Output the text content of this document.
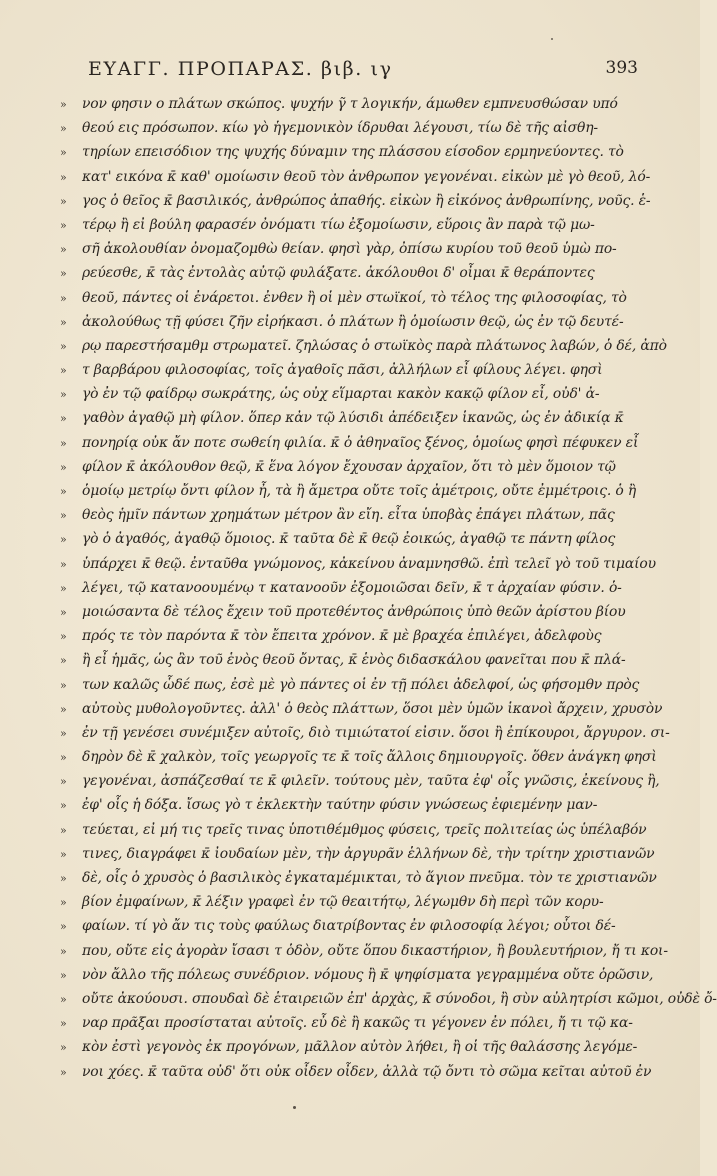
ΕΥΑΓΓ. ΠΡΟΠΑΡΑΣ. βιβ. ιγ	393
» νον φησιν ο πλάτων σκώπος. ψυχήν γ̃ τ λογικήν, άμωθεν εμπνευσθώσαν υπό
» θεού εις πρόσωπον. κίω γὸ ἡγεμονικὸν ίδρυθαι λέγουσι, τίω δὲ τῆς αἰσθη-
» τηρίων επεισόδιον της ψυχής δύναμιν της πλάσσου είσοδον ερμηνεύοντες. τὸ
» κατ' εικόνα κ̄ καθ' ομοίωσιν θεοῦ τὸν ἀνθρωπον γεγονέναι. εἰκὼν μὲ γὸ θεοῦ, λό-
» γος ὁ θεῖος κ̄ βασιλικός, ἀνθρώπος ἀπαθής. εἰκὼν ἢ εἰκόνος ἀνθρωπίνης, νοῦς. ἑ-
» τέρῳ ἢ εἰ βούλη φαρασέν ὀνόματι τίω ἐξομοίωσιν, εὕροις ἂν παρὰ τῷ μω-
» σῆ ἀκολουθίαν ὀνομαζομθὼ θείαν. φησὶ γὰρ, ὀπίσω κυρίου τοῦ θεοῦ ὑμὼ πο-
» ρεύεσθε, κ̄ τὰς ἐντολὰς αὐτῷ φυλάξατε. ἀκόλουθοι δ' οἶμαι κ̄ θεράποντες
» θεοῦ, πάντες οἱ ἐνάρετοι. ἐνθεν ἢ οἱ μὲν στωϊκοί, τὸ τέλος της φιλοσοφίας, τὸ
» ἀκολούθως τῇ φύσει ζῆν εἰρήκασι. ὁ πλάτων ἢ ὁμοίωσιν θεῷ, ὡς ἐν τῷ δευτέ-
» ρῳ παρεστήσαμθμ στρωματεῖ. ζηλώσας ὁ στωϊκὸς παρὰ πλάτωνος λαβών, ὁ δέ, ἀπὸ
» τ βαρβάρου φιλοσοφίας, τοῖς ἀγαθοῖς πᾶσι, ἀλλήλων εἶ φίλους λέγει. φησὶ
» γὸ ἐν τῷ φαίδρῳ σωκράτης, ὡς οὐχ εἵμαρται κακὸν κακῷ φίλον εἶ, οὐδ' ἀ-
» γαθὸν ἀγαθῷ μὴ φίλον. ὅπερ κἀν τῷ λύσιδι ἀπέδειξεν ἱκανῶς, ὡς ἐν ἀδικίᾳ κ̄
» πονηρίᾳ οὐκ ἄν ποτε σωθείη φιλία. κ̄ ὁ ἀθηναῖος ξένος, ὁμοίως φησὶ πέφυκεν εἶ
» φίλον κ̄ ἀκόλουθον θεῷ, κ̄ ἕνα λόγον ἔχουσαν ἀρχαῖον, ὅτι τὸ μὲν ὅμοιον τῷ
» ὁμοίῳ μετρίῳ ὄντι φίλον ἦ, τὰ ἢ ἄμετρα οὔτε τοῖς ἀμέτροις, οὔτε ἐμμέτροις. ὁ ἢ
» θεὸς ἡμῖν πάντων χρημάτων μέτρον ἂν εἴη. εἶτα ὑποβὰς ἐπάγει πλάτων, πᾶς
» γὸ ὁ ἀγαθός, ἀγαθῷ ὅμοιος. κ̄ ταῦτα δὲ κ̄ θεῷ ἐοικώς, ἀγαθῷ τε πάντη φίλος
» ὑπάρχει κ̄ θεῷ. ἐνταῦθα γνώμονος, κἀκείνου ἀναμνησθῶ. ἐπὶ τελεῖ γὸ τοῦ τιμαίου
» λέγει, τῷ κατανοουμένῳ τ κατανοοῦν ἐξομοιῶσαι δεῖν, κ̄ τ ἀρχαίαν φύσιν. ὁ-
» μοιώσαντα δὲ τέλος ἔχειν τοῦ προτεθέντος ἀνθρώποις ὑπὸ θεῶν ἀρίστου βίου
» πρός τε τὸν παρόντα κ̄ τὸν ἔπειτα χρόνον. κ̄ μὲ βραχέα ἐπιλέγει, ἀδελφοὺς
» ἢ εἶ ἡμᾶς, ὡς ἂν τοῦ ἑνὸς θεοῦ ὄντας, κ̄ ἑνὸς διδασκάλου φανεῖται που κ̄ πλά-
» των καλῶς ὧδέ πως, ἐσὲ μὲ γὸ πάντες οἱ ἐν τῇ πόλει ἀδελφοί, ὡς φήσομθν πρὸς
» αὐτοὺς μυθολογοῦντες. ἀλλ' ὁ θεὸς πλάττων, ὅσοι μὲν ὑμῶν ἱκανοὶ ἄρχειν, χρυσὸν
» ἐν τῇ γενέσει συνέμιξεν αὐτοῖς, διὸ τιμιώτατοί εἰσιν. ὅσοι ἢ ἐπίκουροι, ἄργυρον. σι-
» δηρὸν δὲ κ̄ χαλκὸν, τοῖς γεωργοῖς τε κ̄ τοῖς ἄλλοις δημιουργοῖς. ὅθεν ἀνάγκη φησὶ
» γεγονέναι, ἀσπάζεσθαί τε κ̄ φιλεῖν. τούτους μὲν, ταῦτα ἐφ' οἷς γνῶσις, ἐκείνους ἢ,
» ἐφ' οἷς ἡ δόξα. ἴσως γὸ τ ἐκλεκτὴν ταύτην φύσιν γνώσεως ἐφιεμένην μαν-
» τεύεται, εἰ μή τις τρεῖς τινας ὑποτιθέμθμος φύσεις, τρεῖς πολιτείας ὡς ὑπέλαβόν
» τινες, διαγράφει κ̄ ἰουδαίων μὲν, τὴν ἀργυρᾶν ἑλλήνων δὲ, τὴν τρίτην χριστιανῶν
» δὲ, οἷς ὁ χρυσὸς ὁ βασιλικὸς ἐγκαταμέμικται, τὸ ἅγιον πνεῦμα. τὸν τε χριστιανῶν
» βίον ἐμφαίνων, κ̄ λέξιν γραφεὶ ἐν τῷ θεαιτήτῳ, λέγωμθν δὴ περὶ τῶν κορυ-
» φαίων. τί γὸ ἄν τις τοὺς φαύλως διατρίβοντας ἐν φιλοσοφίᾳ λέγοι; οὗτοι δέ-
» που, οὔτε εἰς ἀγορὰν ἴσασι τ ὁδὸν, οὔτε ὅπου δικαστήριον, ἢ βουλευτήριον, ἤ τι κοι-
» νὸν ἄλλο τῆς πόλεως συνέδριον. νόμους ἢ κ̄ ψηφίσματα γεγραμμένα οὔτε ὁρῶσιν,
» οὔτε ἀκούουσι. σπουδαὶ δὲ ἑταιρειῶν ἐπ' ἀρχὰς, κ̄ σύνοδοι, ἢ σὺν αὐλητρίσι κῶμοι, οὐδὲ ὄ-
» ναρ πρᾶξαι προσίσταται αὐτοῖς. εὖ δὲ ἢ κακῶς τι γέγονεν ἐν πόλει, ἤ τι τῷ κα-
» κὸν ἐστὶ γεγονὸς ἐκ προγόνων, μᾶλλον αὐτὸν λήθει, ἢ οἱ τῆς θαλάσσης λεγόμε-
» νοι χόες. κ̄ ταῦτα οὐδ' ὅτι οὐκ οἶδεν οἶδεν, ἀλλὰ τῷ ὄντι τὸ σῶμα κεῖται αὐτοῦ ἐν
